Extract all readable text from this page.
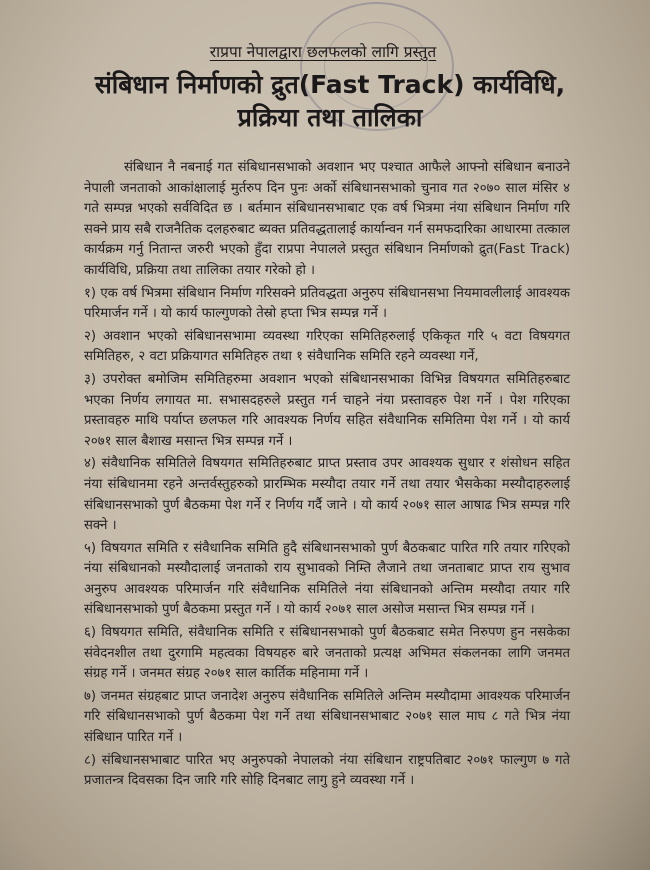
राप्रपा नेपालद्वारा छलफलको लागि प्रस्तुत
संबिधान निर्माणको द्रुत(Fast Track) कार्यविधि,
प्रक्रिया तथा तालिका

संबिधान नै नबनाई गत संबिधानसभाको अवशान भए पश्चात आफैले आफ्नो संबिधान बनाउने नेपाली जनताको आकांक्षालाई मुर्तरुप दिन पुनः अर्को संबिधानसभाको चुनाव गत २०७० साल मंसिर ४ गते सम्पन्न भएको सर्वविदित छ । बर्तमान संबिधानसभाबाट एक वर्ष भित्रमा नंया संबिधान निर्माण गरि सक्ने प्राय सबै राजनैतिक दलहरुबाट ब्यक्त प्रतिवद्धतालाई कार्यान्वन गर्न समफदारिका आधारमा तत्काल कार्यक्रम गर्नु नितान्त जरुरी भएको हुँदा राप्रपा नेपालले प्रस्तुत संबिधान निर्माणको द्रुत(Fast Track) कार्यविधि, प्रक्रिया तथा तालिका तयार गरेको हो ।

१) एक वर्ष भित्रमा संबिधान निर्माण गरिसक्ने प्रतिवद्धता अनुरुप संबिधानसभा नियमावलीलाई आवश्यक परिमार्जन गर्ने । यो कार्य फाल्गुणको तेस्रो हप्ता भित्र सम्पन्न गर्ने ।

२) अवशान भएको संबिधानसभामा व्यवस्था गरिएका समितिहरुलाई एकिकृत गरि ५ वटा विषयगत समितिहरु, २ वटा प्रक्रियागत समितिहरु तथा १ संवैधानिक समिति रहने व्यवस्था गर्ने,

३) उपरोक्त बमोजिम समितिहरुमा अवशान भएको संबिधानसभाका विभिन्न विषयगत समितिहरुबाट भएका निर्णय लगायत मा. सभासदहरुले प्रस्तुत गर्न चाहने नंया प्रस्तावहरु पेश गर्ने । पेश गरिएका प्रस्तावहरु माथि पर्याप्त छलफल गरि आवश्यक निर्णय सहित संवैधानिक समितिमा पेश गर्ने । यो कार्य २०७१ साल बैशाख मसान्त भित्र सम्पन्न गर्ने ।

४) संवैधानिक समितिले विषयगत समितिहरुबाट प्राप्त प्रस्ताव उपर आवश्यक सुधार र शंसोधन सहित नंया संबिधानमा रहने अन्तर्वस्तुहरुको प्रारम्भिक मस्यौदा तयार गर्ने तथा तयार भैसकेका मस्यौदाहरुलाई संबिधानसभाको पुर्ण बैठकमा पेश गर्ने र निर्णय गर्दै जाने । यो कार्य २०७१ साल आषाढ भित्र सम्पन्न गरि सक्ने ।

५) विषयगत समिति र संवैधानिक समिति हुदै संबिधानसभाको पुर्ण बैठकबाट पारित गरि तयार गरिएको नंया संबिधानको मस्यौदालाई जनताको राय सुभावको निम्ति लैजाने तथा जनताबाट प्राप्त राय सुभाव अनुरुप आवश्यक परिमार्जन गरि संवैधानिक समितिले नंया संबिधानको अन्तिम मस्यौदा तयार गरि संबिधानसभाको पुर्ण बैठकमा प्रस्तुत गर्ने । यो कार्य २०७१ साल असोज मसान्त भित्र सम्पन्न गर्ने ।

६) विषयगत समिति, संवैधानिक समिति र संबिधानसभाको पुर्ण बैठकबाट समेत निरुपण हुन नसकेका संवेदनशील तथा दुरगामि महत्वका विषयहरु बारे जनताको प्रत्यक्ष अभिमत संकलनका लागि जनमत संग्रह गर्ने । जनमत संग्रह २०७१ साल कार्तिक महिनामा गर्ने ।

७) जनमत संग्रहबाट प्राप्त जनादेश अनुरुप संवैधानिक समितिले अन्तिम मस्यौदामा आवश्यक परिमार्जन गरि संबिधानसभाको पुर्ण बैठकमा पेश गर्ने तथा संबिधानसभाबाट २०७१ साल माघ ८ गते भित्र नंया संबिधान पारित गर्ने ।

८) संबिधानसभाबाट पारित भए अनुरुपको नेपालको नंया संबिधान राष्ट्रपतिबाट २०७१ फाल्गुण ७ गते प्रजातन्त्र दिवसका दिन जारि गरि सोहि दिनबाट लागु हुने व्यवस्था गर्ने ।
